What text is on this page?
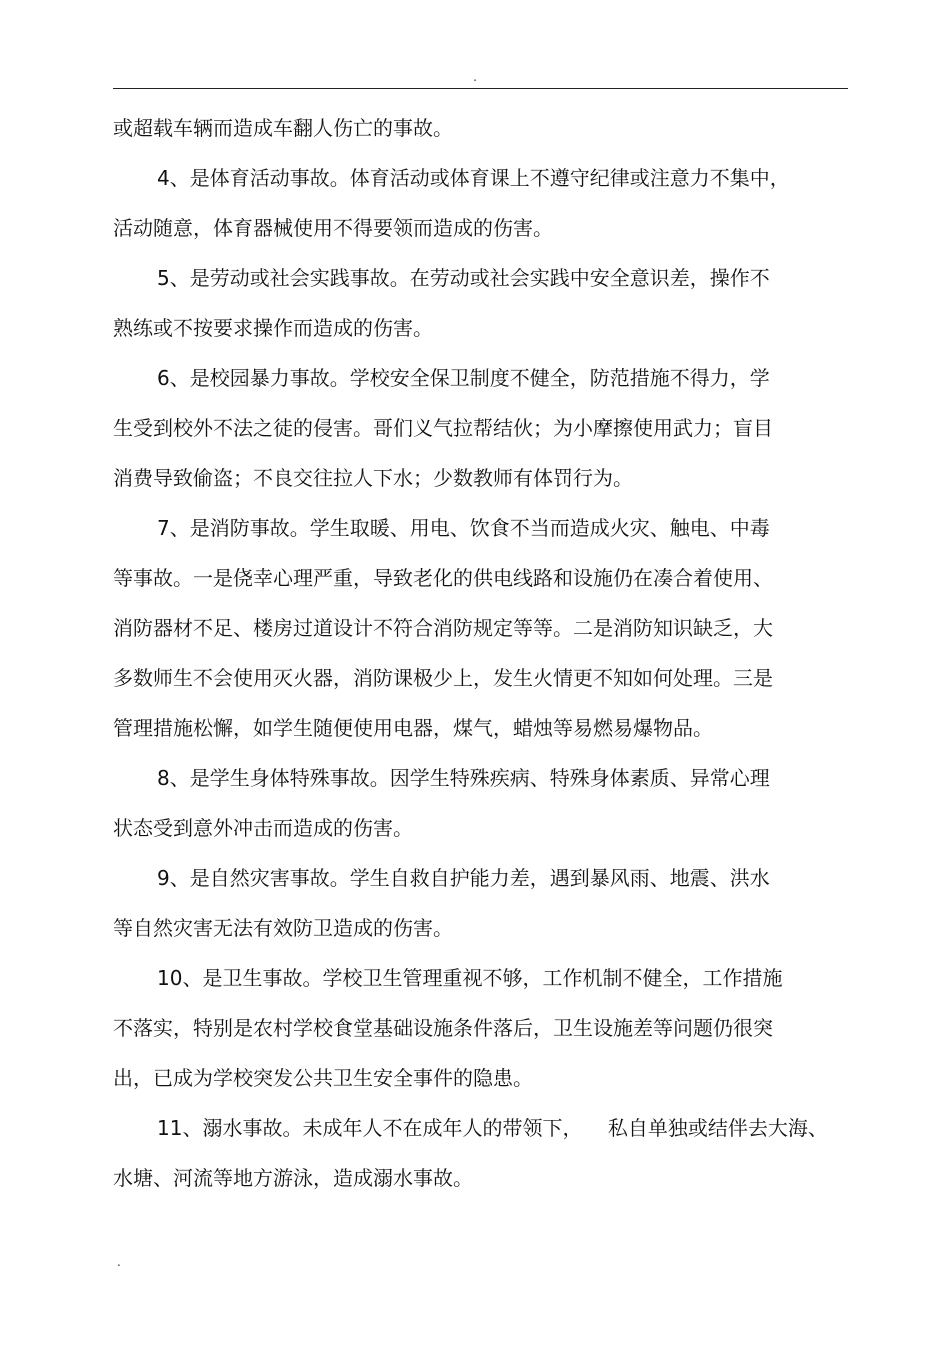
.
或超载车辆而造成车翻人伤亡的事故。
4、是体育活动事故。体育活动或体育课上不遵守纪律或注意力不集中，
活动随意，体育器械使用不得要领而造成的伤害。
5、是劳动或社会实践事故。在劳动或社会实践中安全意识差，操作不
熟练或不按要求操作而造成的伤害。
6、是校园暴力事故。学校安全保卫制度不健全，防范措施不得力，学
生受到校外不法之徒的侵害。哥们义气拉帮结伙；为小摩擦使用武力；盲目
消费导致偷盗；不良交往拉人下水；少数教师有体罚行为。
7、是消防事故。学生取暖、用电、饮食不当而造成火灾、触电、中毒
等事故。一是侥幸心理严重，导致老化的供电线路和设施仍在凑合着使用、
消防器材不足、楼房过道设计不符合消防规定等等。二是消防知识缺乏，大
多数师生不会使用灭火器，消防课极少上，发生火情更不知如何处理。三是
管理措施松懈，如学生随便使用电器，煤气，蜡烛等易燃易爆物品。
8、是学生身体特殊事故。因学生特殊疾病、特殊身体素质、异常心理
状态受到意外冲击而造成的伤害。
9、是自然灾害事故。学生自救自护能力差，遇到暴风雨、地震、洪水
等自然灾害无法有效防卫造成的伤害。
10、是卫生事故。学校卫生管理重视不够，工作机制不健全，工作措施
不落实，特别是农村学校食堂基础设施条件落后，卫生设施差等问题仍很突
出，已成为学校突发公共卫生安全事件的隐患。
11、溺水事故。未成年人不在成年人的带领下，    私自单独或结伴去大海、
水塘、河流等地方游泳，造成溺水事故。
.
